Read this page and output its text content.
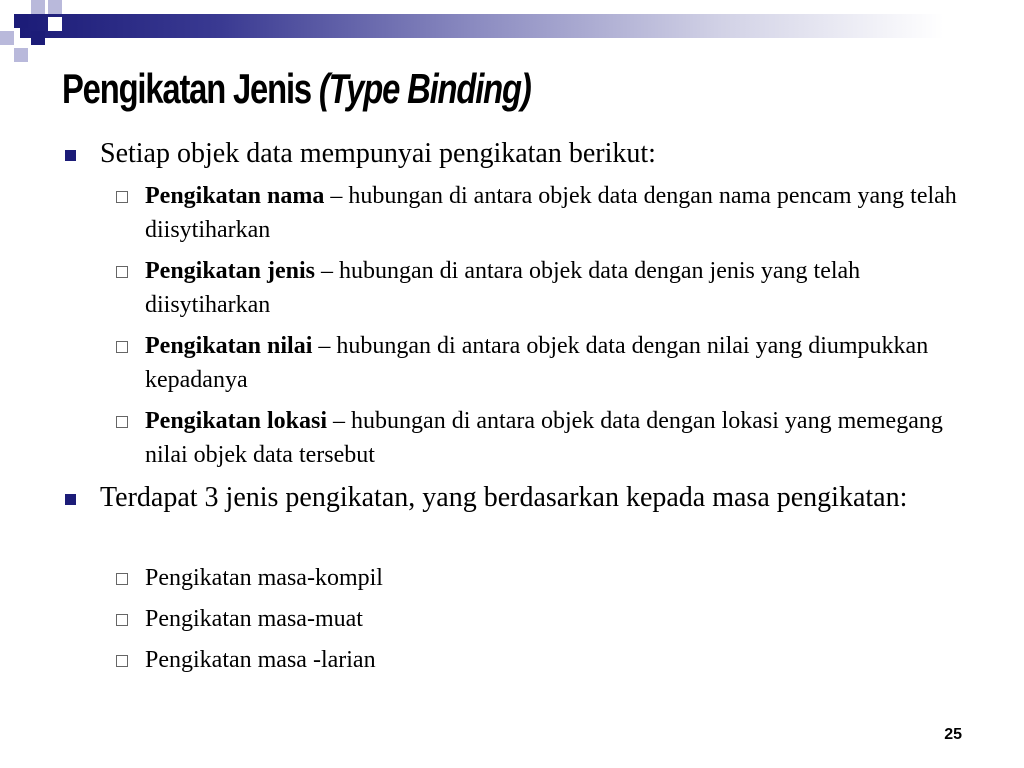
Pengikatan Jenis (Type Binding)
Setiap objek data mempunyai pengikatan berikut:
Pengikatan nama – hubungan di antara objek data dengan nama pencam yang telah diisytiharkan
Pengikatan jenis – hubungan di antara objek data dengan jenis yang telah diisytiharkan
Pengikatan nilai – hubungan di antara objek data dengan nilai yang diumpukkan kepadanya
Pengikatan lokasi – hubungan di antara objek data dengan lokasi yang memegang nilai objek data tersebut
Terdapat 3 jenis pengikatan, yang berdasarkan kepada masa pengikatan:
Pengikatan masa-kompil
Pengikatan masa-muat
Pengikatan masa -larian
25
